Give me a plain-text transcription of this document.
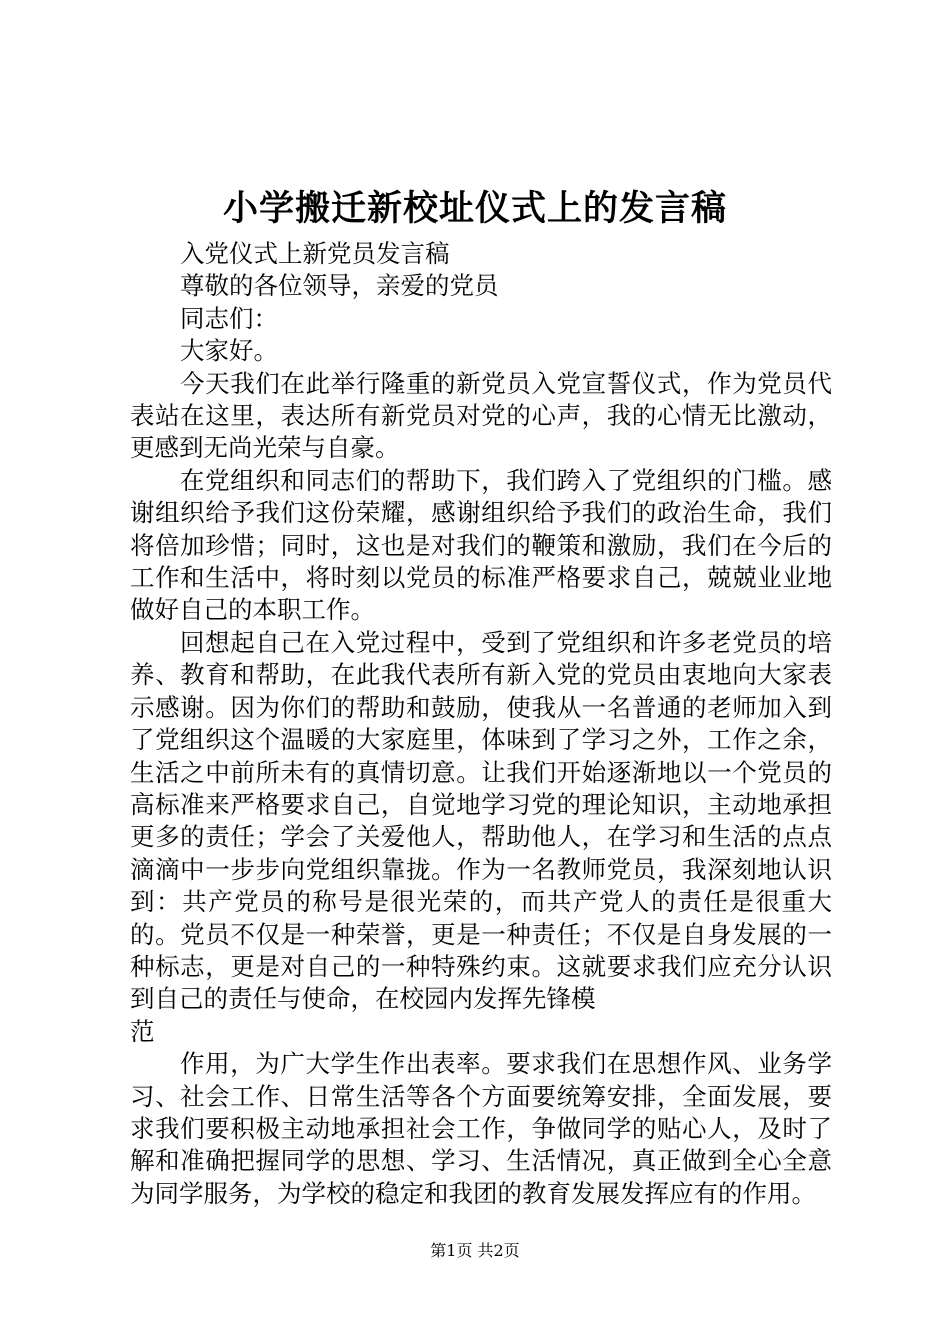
小学搬迁新校址仪式上的发言稿

入党仪式上新党员发言稿

尊敬的各位领导，亲爱的党员

同志们：

大家好。

今天我们在此举行隆重的新党员入党宣誓仪式，作为党员代表站在这里，表达所有新党员对党的心声，我的心情无比激动，更感到无尚光荣与自豪。

在党组织和同志们的帮助下，我们跨入了党组织的门槛。感谢组织给予我们这份荣耀，感谢组织给予我们的政治生命，我们将倍加珍惜；同时，这也是对我们的鞭策和激励，我们在今后的工作和生活中，将时刻以党员的标准严格要求自己，兢兢业业地做好自己的本职工作。

回想起自己在入党过程中，受到了党组织和许多老党员的培养、教育和帮助，在此我代表所有新入党的党员由衷地向大家表示感谢。因为你们的帮助和鼓励，使我从一名普通的老师加入到了党组织这个温暖的大家庭里，体味到了学习之外，工作之余，生活之中前所未有的真情切意。让我们开始逐渐地以一个党员的高标准来严格要求自己，自觉地学习党的理论知识，主动地承担更多的责任；学会了关爱他人，帮助他人，在学习和生活的点点滴滴中一步步向党组织靠拢。作为一名教师党员，我深刻地认识到：共产党员的称号是很光荣的，而共产党人的责任是很重大的。党员不仅是一种荣誉，更是一种责任；不仅是自身发展的一种标志，更是对自己的一种特殊约束。这就要求我们应充分认识到自己的责任与使命，在校园内发挥先锋模

范

作用，为广大学生作出表率。要求我们在思想作风、业务学习、社会工作、日常生活等各个方面要统筹安排，全面发展，要求我们要积极主动地承担社会工作，争做同学的贴心人，及时了解和准确把握同学的思想、学习、生活情况，真正做到全心全意为同学服务，为学校的稳定和我团的教育发展发挥应有的作用。

第1页 共2页
